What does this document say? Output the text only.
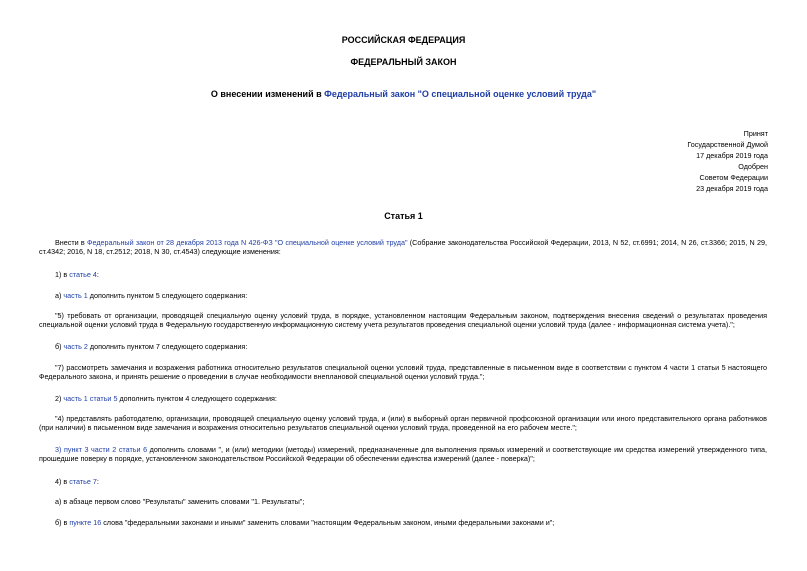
РОССИЙСКАЯ ФЕДЕРАЦИЯ
ФЕДЕРАЛЬНЫЙ ЗАКОН
О внесении изменений в Федеральный закон "О специальной оценке условий труда"
Принят
Государственной Думой
17 декабря 2019 года
Одобрен
Советом Федерации
23 декабря 2019 года
Статья 1
Внести в Федеральный закон от 28 декабря 2013 года N 426-ФЗ "О специальной оценке условий труда" (Собрание законодательства Российской Федерации, 2013, N 52, ст.6991; 2014, N 26, ст.3366; 2015, N 29, ст.4342; 2016, N 18, ст.2512; 2018, N 30, ст.4543) следующие изменения:
1) в статье 4:
а) часть 1 дополнить пунктом 5 следующего содержания:
"5) требовать от организации, проводящей специальную оценку условий труда, в порядке, установленном настоящим Федеральным законом, подтверждения внесения сведений о результатах проведения специальной оценки условий труда в Федеральную государственную информационную систему учета результатов проведения специальной оценки условий труда (далее - информационная система учета).";
б) часть 2 дополнить пунктом 7 следующего содержания:
"7) рассмотреть замечания и возражения работника относительно результатов специальной оценки условий труда, представленные в письменном виде в соответствии с пунктом 4 части 1 статьи 5 настоящего Федерального закона, и принять решение о проведении в случае необходимости внеплановой специальной оценки условий труда.";
2) часть 1 статьи 5 дополнить пунктом 4 следующего содержания:
"4) представлять работодателю, организации, проводящей специальную оценку условий труда, и (или) в выборный орган первичной профсоюзной организации или иного представительного органа работников (при наличии) в письменном виде замечания и возражения относительно результатов специальной оценки условий труда, проведенной на его рабочем месте.";
3) пункт 3 части 2 статьи 6 дополнить словами ", и (или) методики (методы) измерений, предназначенные для выполнения прямых измерений и соответствующие им средства измерений утвержденного типа, прошедшие поверку в порядке, установленном законодательством Российской Федерации об обеспечении единства измерений (далее - поверка)";
4) в статье 7:
а) в абзаце первом слово "Результаты" заменить словами "1. Результаты";
б) в пункте 16 слова "федеральными законами и иными" заменить словами "настоящим Федеральным законом, иными федеральными законами и";
